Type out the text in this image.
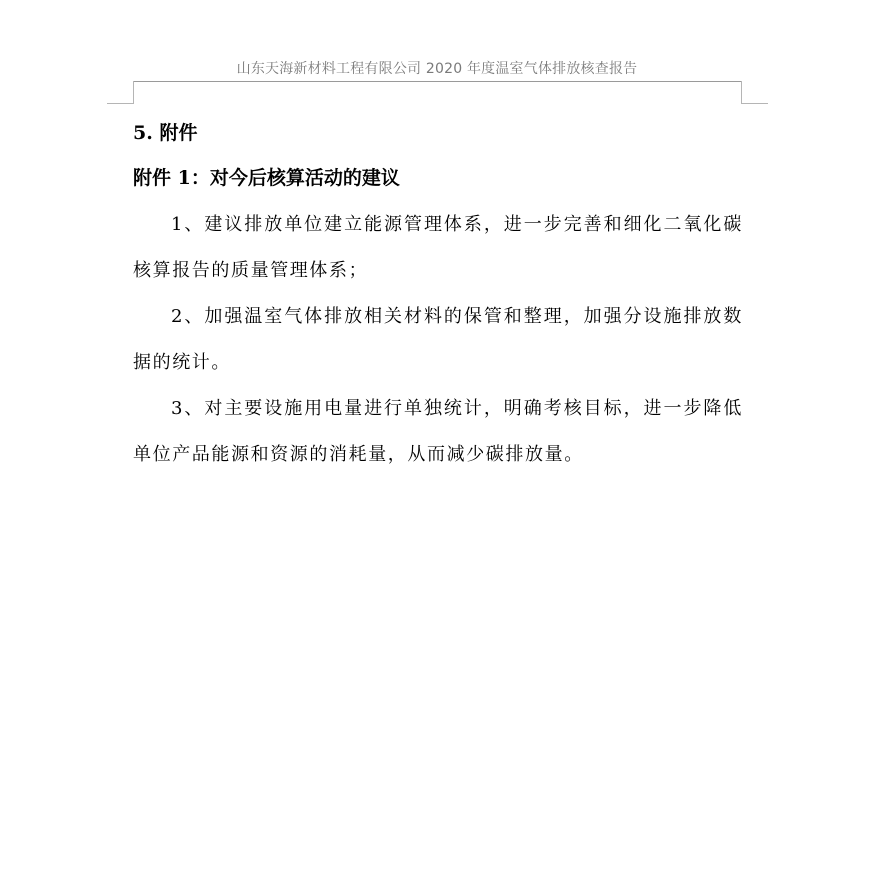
山东天海新材料工程有限公司 2020 年度温室气体排放核查报告
5. 附件
附件 1：对今后核算活动的建议

1、建议排放单位建立能源管理体系，进一步完善和细化二氧化碳核算报告的质量管理体系；

2、加强温室气体排放相关材料的保管和整理，加强分设施排放数据的统计。

3、对主要设施用电量进行单独统计，明确考核目标，进一步降低单位产品能源和资源的消耗量，从而减少碳排放量。
